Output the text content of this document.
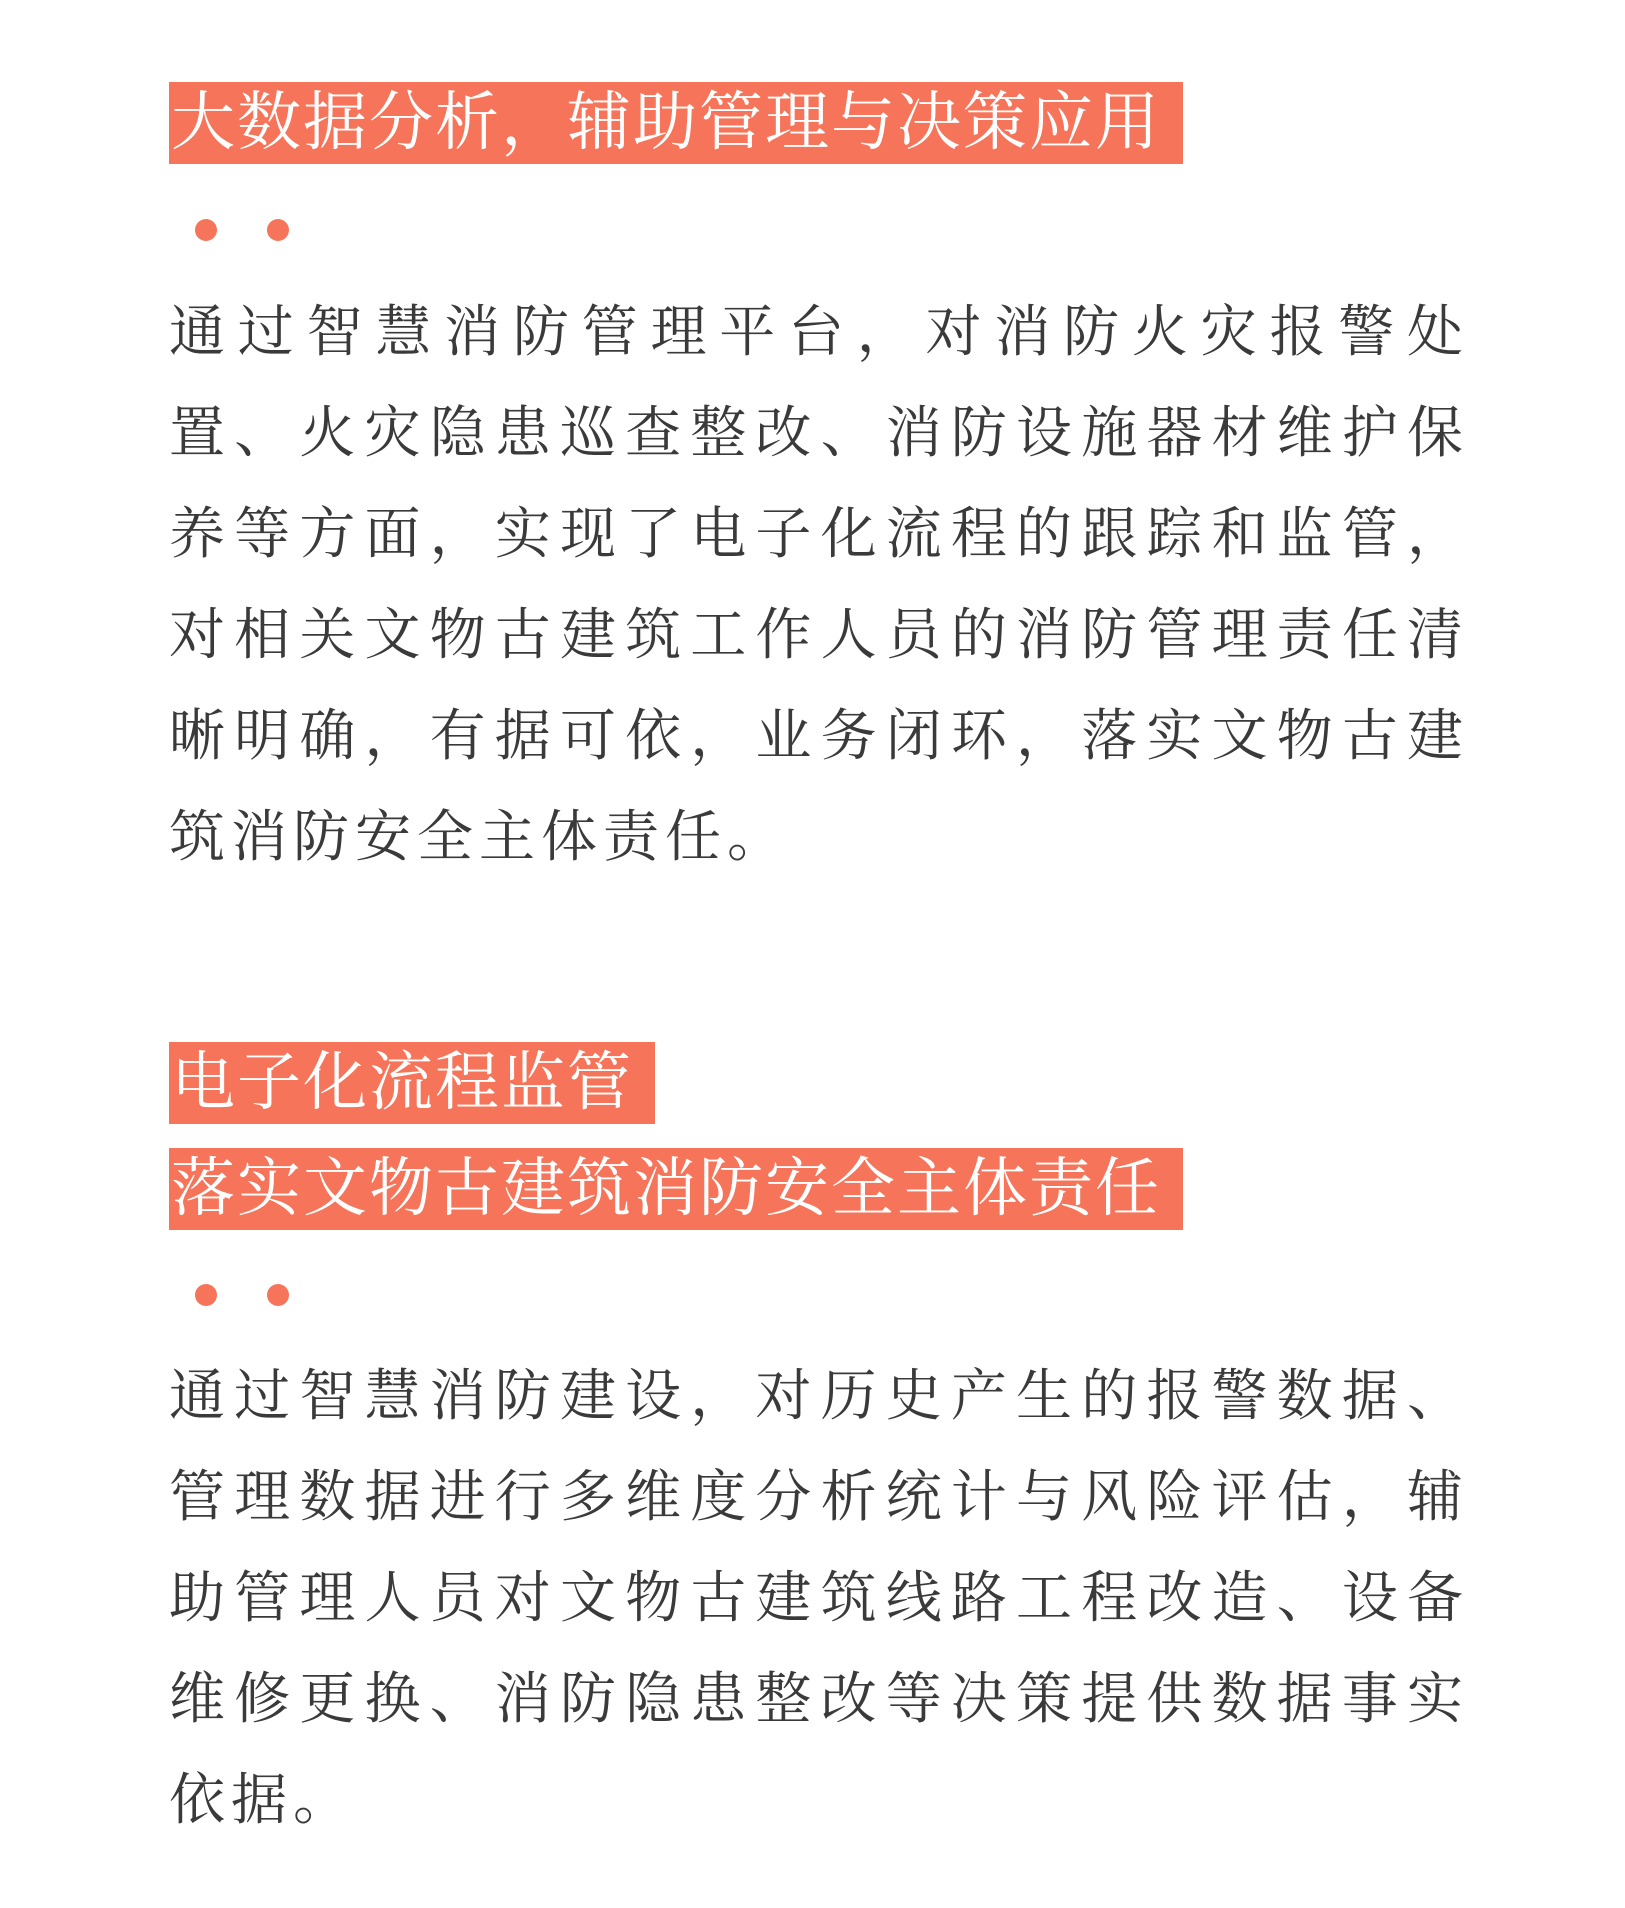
大数据分析，辅助管理与决策应用

通过智慧消防管理平台，对消防火灾报警处置、火灾隐患巡查整改、消防设施器材维护保养等方面，实现了电子化流程的跟踪和监管，对相关文物古建筑工作人员的消防管理责任清晰明确，有据可依，业务闭环，落实文物古建筑消防安全主体责任。

电子化流程监管
落实文物古建筑消防安全主体责任

通过智慧消防建设，对历史产生的报警数据、管理数据进行多维度分析统计与风险评估，辅助管理人员对文物古建筑线路工程改造、设备维修更换、消防隐患整改等决策提供数据事实依据。
